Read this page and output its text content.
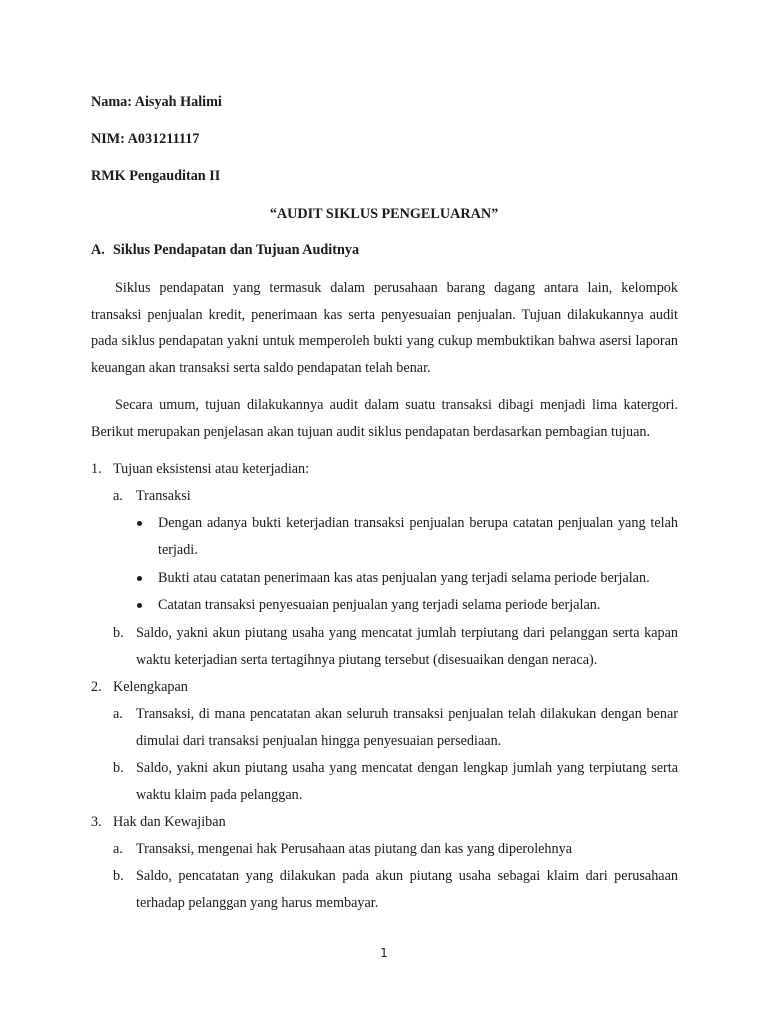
Nama: Aisyah Halimi
NIM: A031211117
RMK Pengauditan II
“AUDIT SIKLUS PENGELUARAN”
A. Siklus Pendapatan dan Tujuan Auditnya
Siklus pendapatan yang termasuk dalam perusahaan barang dagang antara lain, kelompok transaksi penjualan kredit, penerimaan kas serta penyesuaian penjualan. Tujuan dilakukannya audit pada siklus pendapatan yakni untuk memperoleh bukti yang cukup membuktikan bahwa asersi laporan keuangan akan transaksi serta saldo pendapatan telah benar.
Secara umum, tujuan dilakukannya audit dalam suatu transaksi dibagi menjadi lima katergori. Berikut merupakan penjelasan akan tujuan audit siklus pendapatan berdasarkan pembagian tujuan.
1. Tujuan eksistensi atau keterjadian:
a. Transaksi
Dengan adanya bukti keterjadian transaksi penjualan berupa catatan penjualan yang telah terjadi.
Bukti atau catatan penerimaan kas atas penjualan yang terjadi selama periode berjalan.
Catatan transaksi penyesuaian penjualan yang terjadi selama periode berjalan.
b. Saldo, yakni akun piutang usaha yang mencatat jumlah terpiutang dari pelanggan serta kapan waktu keterjadian serta tertagihnya piutang tersebut (disesuaikan dengan neraca).
2. Kelengkapan
a. Transaksi, di mana pencatatan akan seluruh transaksi penjualan telah dilakukan dengan benar dimulai dari transaksi penjualan hingga penyesuaian persediaan.
b. Saldo, yakni akun piutang usaha yang mencatat dengan lengkap jumlah yang terpiutang serta waktu klaim pada pelanggan.
3. Hak dan Kewajiban
a. Transaksi, mengenai hak Perusahaan atas piutang dan kas yang diperolehnya
b. Saldo, pencatatan yang dilakukan pada akun piutang usaha sebagai klaim dari perusahaan terhadap pelanggan yang harus membayar.
1
